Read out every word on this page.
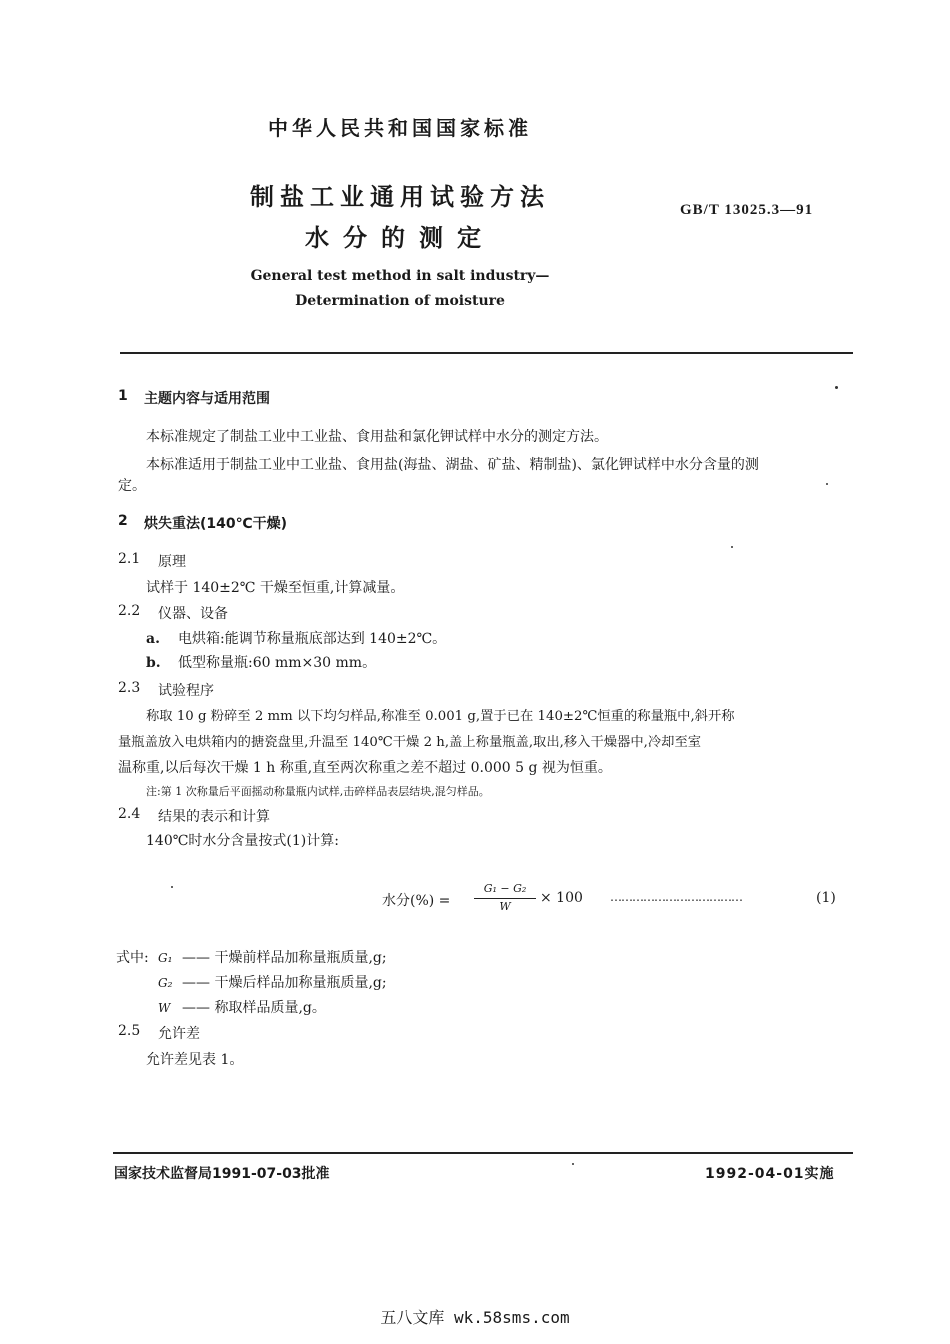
中华人民共和国国家标准
制盐工业通用试验方法
水分的测定
GB/T 13025.3—91
General test method in salt industry—
Determination of moisture
1 主题内容与适用范围
本标准规定了制盐工业中工业盐、食用盐和氯化钾试样中水分的测定方法。
本标准适用于制盐工业中工业盐、食用盐(海盐、湖盐、矿盐、精制盐)、氯化钾试样中水分含量的测
定。
2 烘失重法(140℃干燥)
2.1 原理
试样于 140±2℃ 干燥至恒重,计算减量。
2.2 仪器、设备
a. 电烘箱:能调节称量瓶底部达到 140±2℃。
b. 低型称量瓶:60 mm×30 mm。
2.3 试验程序
称取 10 g 粉碎至 2 mm 以下均匀样品,称准至 0.001 g,置于已在 140±2℃恒重的称量瓶中,斜开称
量瓶盖放入电烘箱内的搪瓷盘里,升温至 140℃干燥 2 h,盖上称量瓶盖,取出,移入干燥器中,冷却至室
温称重,以后每次干燥 1 h 称重,直至两次称重之差不超过 0.000 5 g 视为恒重。
注:第 1 次称量后平面摇动称量瓶内试样,击碎样品表层结块,混匀样品。
2.4 结果的表示和计算
140℃时水分含量按式(1)计算:
水分(%) =
G₁ − G₂
W
× 100 ………………………………	(1)
式中: G₁ —— 干燥前样品加称量瓶质量,g;
G₂ —— 干燥后样品加称量瓶质量,g;
W —— 称取样品质量,g。
2.5 允许差
允许差见表 1。
国家技术监督局1991-07-03批准	1992-04-01实施
五八文库 wk.58sms.com
